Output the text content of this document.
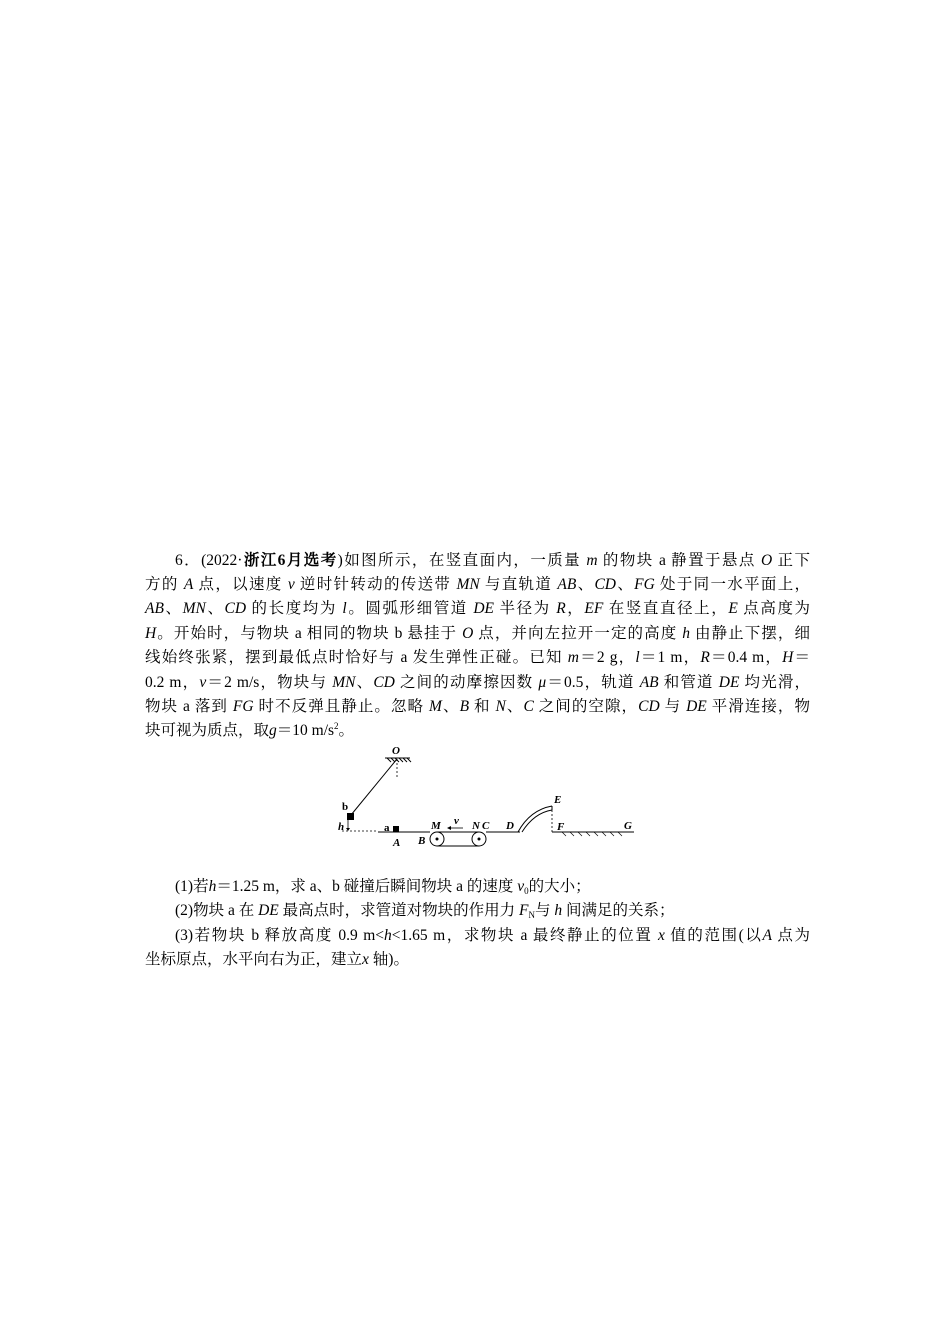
6．(2022·浙江6月选考)如图所示，在竖直面内，一质量 m 的物块 a 静置于悬点 O 正下
方的 A 点，以速度 v 逆时针转动的传送带 MN 与直轨道 AB、CD、FG 处于同一水平面上，
AB、MN、CD 的长度均为 l。圆弧形细管道 DE 半径为 R，EF 在竖直直径上，E 点高度为
H。开始时，与物块 a 相同的物块 b 悬挂于 O 点，并向左拉开一定的高度 h 由静止下摆，细
线始终张紧，摆到最低点时恰好与 a 发生弹性正碰。已知 m＝2 g，l＝1 m，R＝0.4 m，H＝
0.2 m，v＝2 m/s，物块与 MN、CD 之间的动摩擦因数 μ＝0.5，轨道 AB 和管道 DE 均光滑，
物块 a 落到 FG 时不反弹且静止。忽略 M、B 和 N、C 之间的空隙，CD 与 DE 平滑连接，物
块可视为质点，取g＝10 $m/s^2$。
O
b
h	a
A B
M v N C D
E
F	G
(1)若h＝1.25 m，求 a、b 碰撞后瞬间物块 a 的速度 $v_0$的大小；
(2)物块 a 在 DE 最高点时，求管道对物块的作用力 $F_N$与 h 间满足的关系；
(3)若物块 b 释放高度 0.9 m<h<1.65 m，求物块 a 最终静止的位置 x 值的范围(以A 点为
坐标原点，水平向右为正，建立x 轴)。
